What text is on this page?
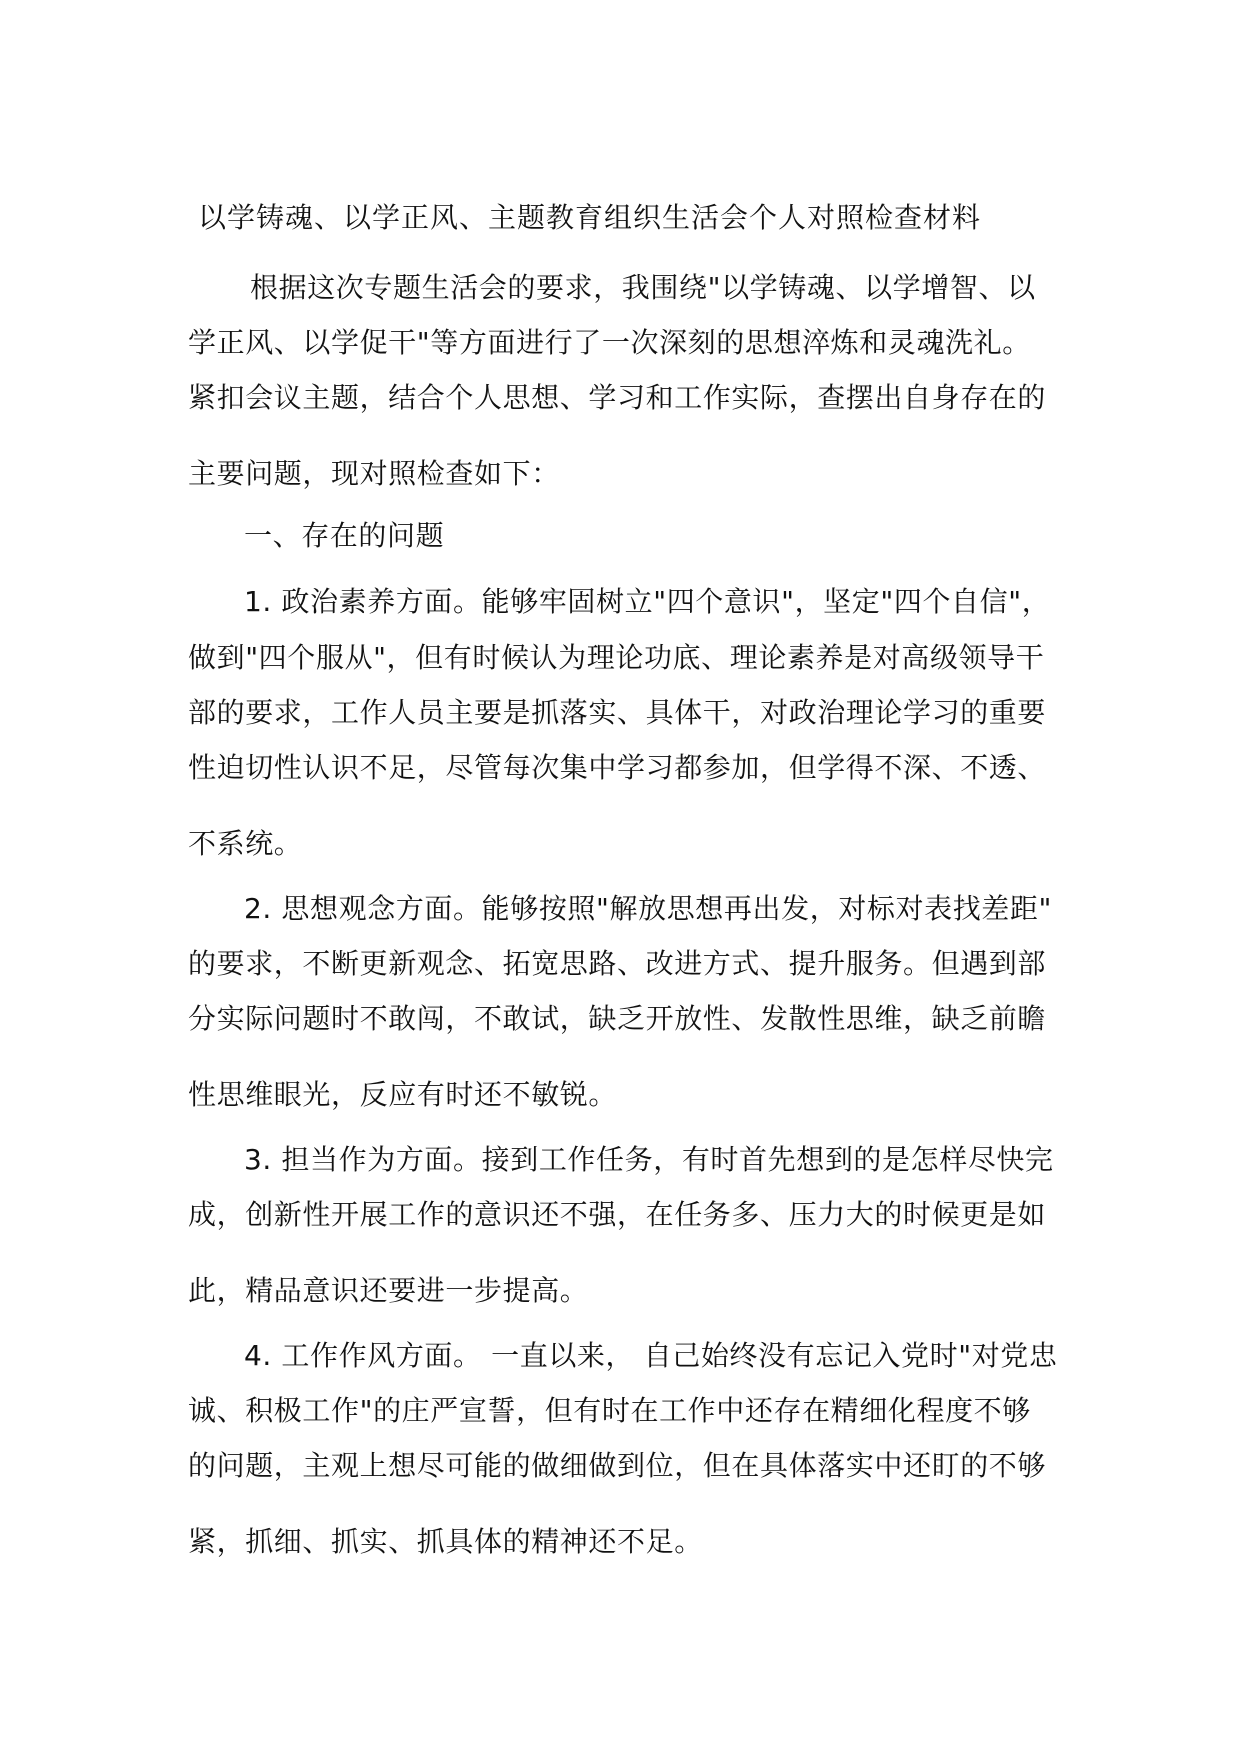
以学铸魂、以学正风、主题教育组织生活会个人对照检查材料
根据这次专题生活会的要求，我围绕"以学铸魂、以学增智、以
学正风、以学促干"等方面进行了一次深刻的思想淬炼和灵魂洗礼。
紧扣会议主题，结合个人思想、学习和工作实际，查摆出自身存在的
主要问题，现对照检查如下：
一、存在的问题
1. 政治素养方面。能够牢固树立"四个意识"，坚定"四个自信"，
做到"四个服从"，但有时候认为理论功底、理论素养是对高级领导干
部的要求，工作人员主要是抓落实、具体干，对政治理论学习的重要
性迫切性认识不足，尽管每次集中学习都参加，但学得不深、不透、
不系统。
2. 思想观念方面。能够按照"解放思想再出发，对标对表找差距"
的要求，不断更新观念、拓宽思路、改进方式、提升服务。但遇到部
分实际问题时不敢闯，不敢试，缺乏开放性、发散性思维，缺乏前瞻
性思维眼光，反应有时还不敏锐。
3. 担当作为方面。接到工作任务，有时首先想到的是怎样尽快完
成，创新性开展工作的意识还不强，在任务多、压力大的时候更是如
此，精品意识还要进一步提高。
4. 工作作风方面。 一直以来， 自己始终没有忘记入党时"对党忠
诚、积极工作"的庄严宣誓，但有时在工作中还存在精细化程度不够
的问题，主观上想尽可能的做细做到位，但在具体落实中还盯的不够
紧，抓细、抓实、抓具体的精神还不足。
